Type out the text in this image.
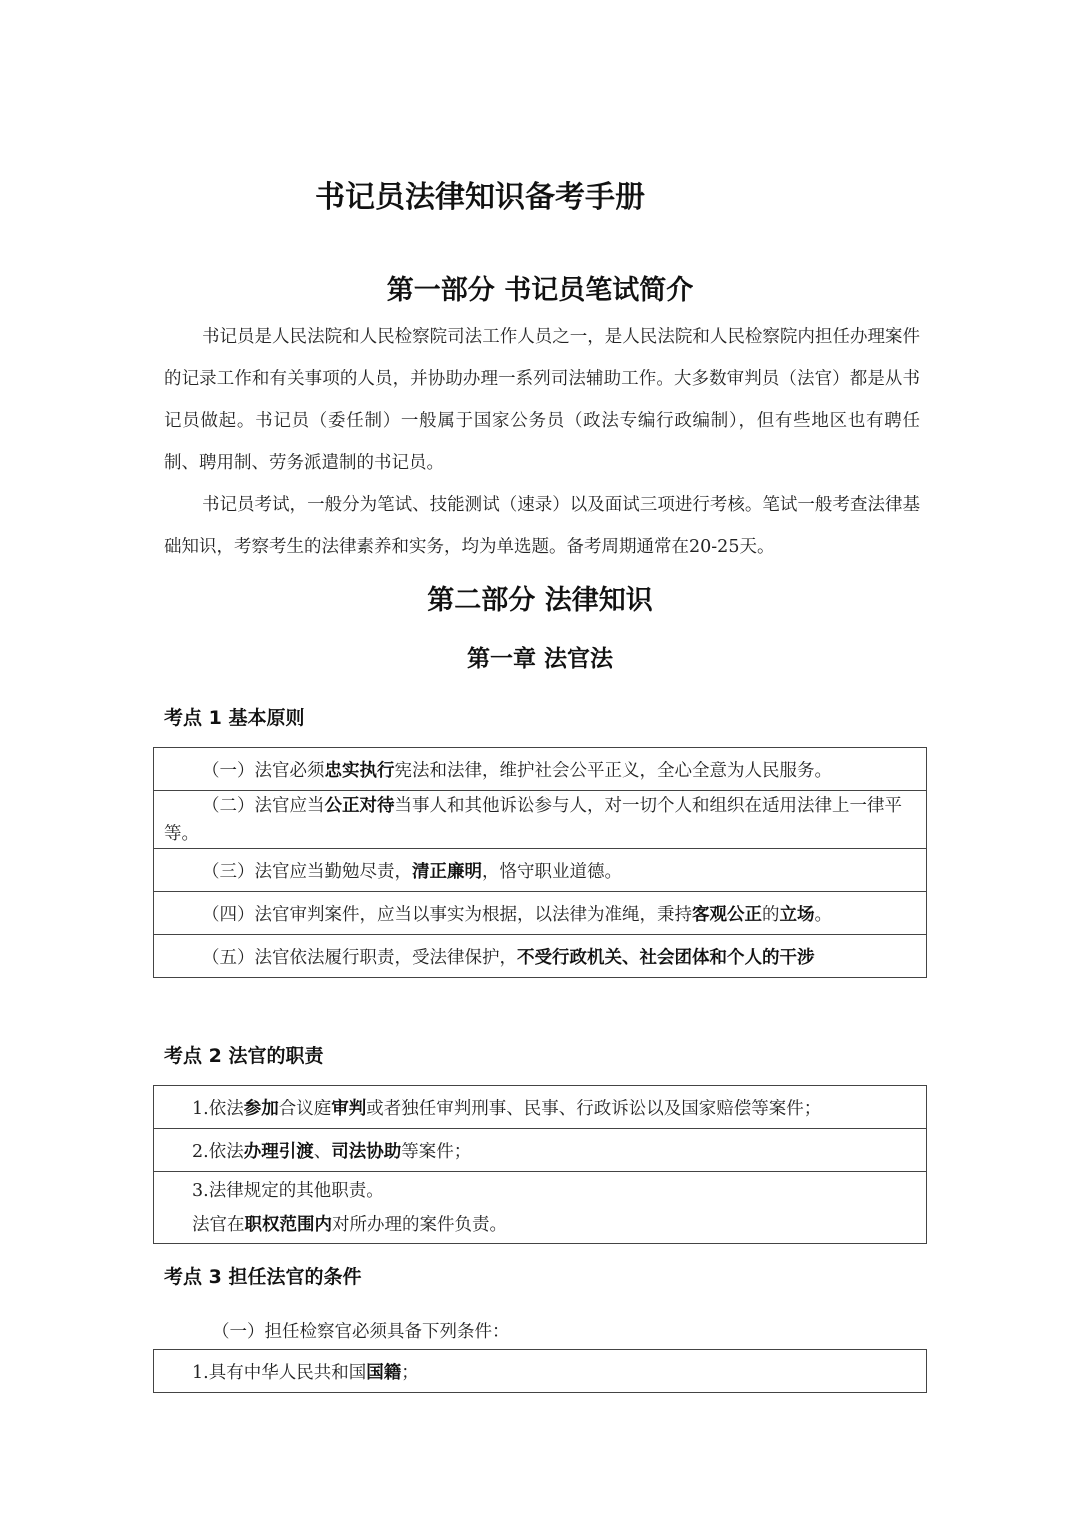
书记员法律知识备考手册
第一部分 书记员笔试简介
书记员是人民法院和人民检察院司法工作人员之一，是人民法院和人民检察院内担任办理案件的记录工作和有关事项的人员，并协助办理一系列司法辅助工作。大多数审判员（法官）都是从书记员做起。书记员（委任制）一般属于国家公务员（政法专编行政编制），但有些地区也有聘任制、聘用制、劳务派遣制的书记员。
书记员考试，一般分为笔试、技能测试（速录）以及面试三项进行考核。笔试一般考查法律基础知识，考察考生的法律素养和实务，均为单选题。备考周期通常在20-25天。
第二部分 法律知识
第一章 法官法
考点 1 基本原则
（一）法官必须忠实执行宪法和法律，维护社会公平正义，全心全意为人民服务。
（二）法官应当公正对待当事人和其他诉讼参与人，对一切个人和组织在适用法律上一律平等。
（三）法官应当勤勉尽责，清正廉明，恪守职业道德。
（四）法官审判案件，应当以事实为根据，以法律为准绳，秉持客观公正的立场。
（五）法官依法履行职责，受法律保护，不受行政机关、社会团体和个人的干涉
考点 2 法官的职责
1.依法参加合议庭审判或者独任审判刑事、民事、行政诉讼以及国家赔偿等案件；
2.依法办理引渡、司法协助等案件；

3.法律规定的其他职责。
法官在职权范围内对所办理的案件负责。
考点 3 担任法官的条件
（一）担任检察官必须具备下列条件：
1.具有中华人民共和国国籍；
